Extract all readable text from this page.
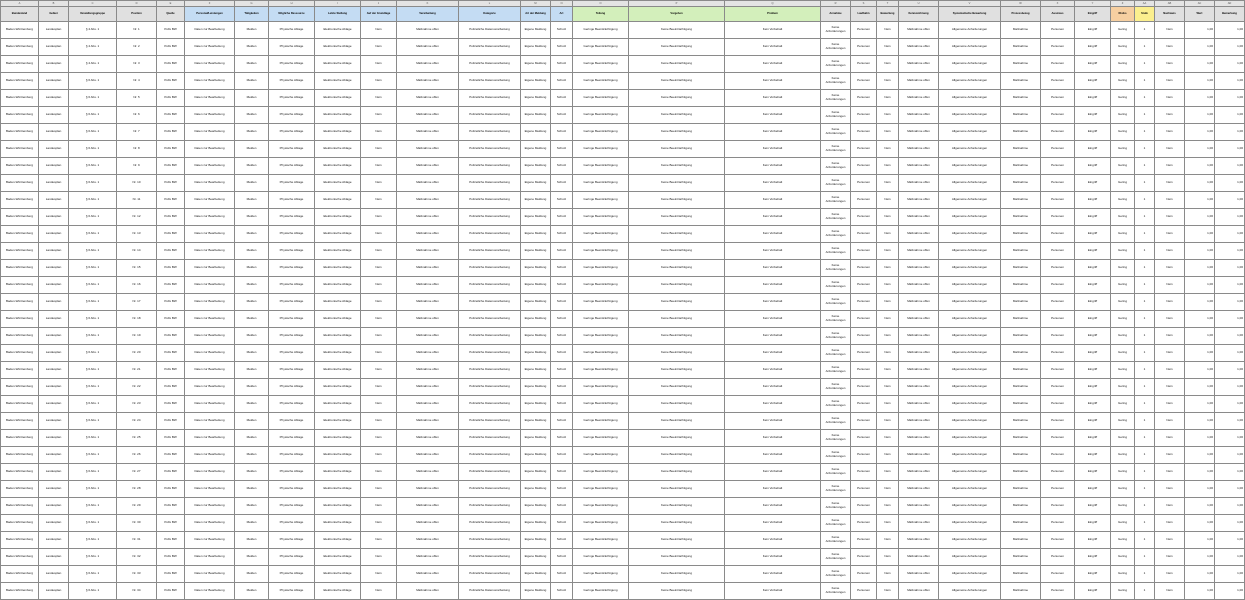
A	B	C	D	E	F	G	H	I	J	K	L	M	N	O	P	Q	R	S	T	U	V	W	X	Y	Z	AA	AB	AC	AD
Bundesland	Gebiet	Verwaltungsgruppe	Position	Quelle	Personal/Leistungen	Tätigkeiten	Mögliche Ressource	Letzte Stellung	Auf der Grundlage	Verarbeitung	Kategorie	Art der Meldung	Art	Teilung	Vorgehen	Problem	Annahme	Laufbahn	Bewertung	Kennzeichnung	Systematische Bewertung	Prozessbezug	Ausmass	Eingriff	Risiko	Stufe	Nachweis	Wert	Bemerkung
Baden-Württemberg	Landesplan	§ 4 Abs. 1	Nr. 1	PolG BW	Daten zur Bearbeitung	Melden	Physische Ablage	Elektronische Ablage	Nein	Maßnahme offen	Polizeiliche Datenverarbeitung	Eigene Meldung	Schutz	Geringe Beeinträchtigung	Keine Beeinträchtigung	Kein Vorbehalt	Keine Anforderungen	Personen	Nein	Maßnahme offen	Allgemeine Anforderungen	Maßnahme	Personen	Eingriff	Gering	1	Nein	1,00	1,00
Baden-Württemberg	Landesplan	§ 4 Abs. 1	Nr. 2	PolG BW	Daten zur Bearbeitung	Melden	Physische Ablage	Elektronische Ablage	Nein	Maßnahme offen	Polizeiliche Datenverarbeitung	Eigene Meldung	Schutz	Geringe Beeinträchtigung	Keine Beeinträchtigung	Kein Vorbehalt	Keine Anforderungen	Personen	Nein	Maßnahme offen	Allgemeine Anforderungen	Maßnahme	Personen	Eingriff	Gering	1	Nein	1,00	1,00
Baden-Württemberg	Landesplan	§ 4 Abs. 1	Nr. 3	PolG BW	Daten zur Bearbeitung	Melden	Physische Ablage	Elektronische Ablage	Nein	Maßnahme offen	Polizeiliche Datenverarbeitung	Eigene Meldung	Schutz	Geringe Beeinträchtigung	Keine Beeinträchtigung	Kein Vorbehalt	Keine Anforderungen	Personen	Nein	Maßnahme offen	Allgemeine Anforderungen	Maßnahme	Personen	Eingriff	Gering	1	Nein	1,00	1,00
Baden-Württemberg	Landesplan	§ 6 Abs. 1	Nr. 4	PolG BW	Daten zur Bearbeitung	Melden	Physische Ablage	Elektronische Ablage	Nein	Maßnahme offen	Polizeiliche Datenverarbeitung	Eigene Meldung	Schutz	Geringe Beeinträchtigung	Keine Beeinträchtigung	Kein Vorbehalt	Keine Anforderungen	Personen	Nein	Maßnahme offen	Allgemeine Anforderungen	Maßnahme	Personen	Eingriff	Gering	1	Nein	1,00	1,00
Baden-Württemberg	Landesplan	§ 6 Abs. 1	Nr. 5	PolG BW	Daten zur Bearbeitung	Melden	Physische Ablage	Elektronische Ablage	Nein	Maßnahme offen	Polizeiliche Datenverarbeitung	Eigene Meldung	Schutz	Geringe Beeinträchtigung	Keine Beeinträchtigung	Kein Vorbehalt	Keine Anforderungen	Personen	Nein	Maßnahme offen	Allgemeine Anforderungen	Maßnahme	Personen	Eingriff	Gering	1	Nein	1,00	1,00
Baden-Württemberg	Landesplan	§ 6 Abs. 1	Nr. 6	PolG BW	Daten zur Bearbeitung	Melden	Physische Ablage	Elektronische Ablage	Nein	Maßnahme offen	Polizeiliche Datenverarbeitung	Eigene Meldung	Schutz	Geringe Beeinträchtigung	Keine Beeinträchtigung	Kein Vorbehalt	Keine Anforderungen	Personen	Nein	Maßnahme offen	Allgemeine Anforderungen	Maßnahme	Personen	Eingriff	Gering	1	Nein	1,00	1,00
Baden-Württemberg	Landesplan	§ 6 Abs. 1	Nr. 7	PolG BW	Daten zur Bearbeitung	Melden	Physische Ablage	Elektronische Ablage	Nein	Maßnahme offen	Polizeiliche Datenverarbeitung	Eigene Meldung	Schutz	Geringe Beeinträchtigung	Keine Beeinträchtigung	Kein Vorbehalt	Keine Anforderungen	Personen	Nein	Maßnahme offen	Allgemeine Anforderungen	Maßnahme	Personen	Eingriff	Gering	1	Nein	1,00	1,00
Baden-Württemberg	Landesplan	§ 6 Abs. 1	Nr. 8	PolG BW	Daten zur Bearbeitung	Melden	Physische Ablage	Elektronische Ablage	Nein	Maßnahme offen	Polizeiliche Datenverarbeitung	Eigene Meldung	Schutz	Geringe Beeinträchtigung	Keine Beeinträchtigung	Kein Vorbehalt	Keine Anforderungen	Personen	Nein	Maßnahme offen	Allgemeine Anforderungen	Maßnahme	Personen	Eingriff	Gering	1	Nein	1,00	1,00
Baden-Württemberg	Landesplan	§ 6 Abs. 1	Nr. 9	PolG BW	Daten zur Bearbeitung	Melden	Physische Ablage	Elektronische Ablage	Nein	Maßnahme offen	Polizeiliche Datenverarbeitung	Eigene Meldung	Schutz	Geringe Beeinträchtigung	Keine Beeinträchtigung	Kein Vorbehalt	Keine Anforderungen	Personen	Nein	Maßnahme offen	Allgemeine Anforderungen	Maßnahme	Personen	Eingriff	Gering	1	Nein	1,00	1,00
Baden-Württemberg	Landesplan	§ 6 Abs. 1	Nr. 10	PolG BW	Daten zur Bearbeitung	Melden	Physische Ablage	Elektronische Ablage	Nein	Maßnahme offen	Polizeiliche Datenverarbeitung	Eigene Meldung	Schutz	Geringe Beeinträchtigung	Keine Beeinträchtigung	Kein Vorbehalt	Keine Anforderungen	Personen	Nein	Maßnahme offen	Allgemeine Anforderungen	Maßnahme	Personen	Eingriff	Gering	1	Nein	1,00	1,00
Baden-Württemberg	Landesplan	§ 6 Abs. 1	Nr. 11	PolG BW	Daten zur Bearbeitung	Melden	Physische Ablage	Elektronische Ablage	Nein	Maßnahme offen	Polizeiliche Datenverarbeitung	Eigene Meldung	Schutz	Geringe Beeinträchtigung	Keine Beeinträchtigung	Kein Vorbehalt	Keine Anforderungen	Personen	Nein	Maßnahme offen	Allgemeine Anforderungen	Maßnahme	Personen	Eingriff	Gering	1	Nein	1,00	1,00
Baden-Württemberg	Landesplan	§ 6 Abs. 1	Nr. 12	PolG BW	Daten zur Bearbeitung	Melden	Physische Ablage	Elektronische Ablage	Nein	Maßnahme offen	Polizeiliche Datenverarbeitung	Eigene Meldung	Schutz	Geringe Beeinträchtigung	Keine Beeinträchtigung	Kein Vorbehalt	Keine Anforderungen	Personen	Nein	Maßnahme offen	Allgemeine Anforderungen	Maßnahme	Personen	Eingriff	Gering	1	Nein	1,00	1,00
Baden-Württemberg	Landesplan	§ 6 Abs. 1	Nr. 13	PolG BW	Daten zur Bearbeitung	Melden	Physische Ablage	Elektronische Ablage	Nein	Maßnahme offen	Polizeiliche Datenverarbeitung	Eigene Meldung	Schutz	Geringe Beeinträchtigung	Keine Beeinträchtigung	Kein Vorbehalt	Keine Anforderungen	Personen	Nein	Maßnahme offen	Allgemeine Anforderungen	Maßnahme	Personen	Eingriff	Gering	1	Nein	1,00	1,00
Baden-Württemberg	Landesplan	§ 6 Abs. 1	Nr. 14	PolG BW	Daten zur Bearbeitung	Melden	Physische Ablage	Elektronische Ablage	Nein	Maßnahme offen	Polizeiliche Datenverarbeitung	Eigene Meldung	Schutz	Geringe Beeinträchtigung	Keine Beeinträchtigung	Kein Vorbehalt	Keine Anforderungen	Personen	Nein	Maßnahme offen	Allgemeine Anforderungen	Maßnahme	Personen	Eingriff	Gering	1	Nein	1,00	1,00
Baden-Württemberg	Landesplan	§ 6 Abs. 1	Nr. 15	PolG BW	Daten zur Bearbeitung	Melden	Physische Ablage	Elektronische Ablage	Nein	Maßnahme offen	Polizeiliche Datenverarbeitung	Eigene Meldung	Schutz	Geringe Beeinträchtigung	Keine Beeinträchtigung	Kein Vorbehalt	Keine Anforderungen	Personen	Nein	Maßnahme offen	Allgemeine Anforderungen	Maßnahme	Personen	Eingriff	Gering	1	Nein	1,00	1,00
Baden-Württemberg	Landesplan	§ 6 Abs. 1	Nr. 16	PolG BW	Daten zur Bearbeitung	Melden	Physische Ablage	Elektronische Ablage	Nein	Maßnahme offen	Polizeiliche Datenverarbeitung	Eigene Meldung	Schutz	Geringe Beeinträchtigung	Keine Beeinträchtigung	Kein Vorbehalt	Keine Anforderungen	Personen	Nein	Maßnahme offen	Allgemeine Anforderungen	Maßnahme	Personen	Eingriff	Gering	1	Nein	1,00	1,00
Baden-Württemberg	Landesplan	§ 6 Abs. 1	Nr. 17	PolG BW	Daten zur Bearbeitung	Melden	Physische Ablage	Elektronische Ablage	Nein	Maßnahme offen	Polizeiliche Datenverarbeitung	Eigene Meldung	Schutz	Geringe Beeinträchtigung	Keine Beeinträchtigung	Kein Vorbehalt	Keine Anforderungen	Personen	Nein	Maßnahme offen	Allgemeine Anforderungen	Maßnahme	Personen	Eingriff	Gering	1	Nein	1,00	1,00
Baden-Württemberg	Landesplan	§ 6 Abs. 1	Nr. 18	PolG BW	Daten zur Bearbeitung	Melden	Physische Ablage	Elektronische Ablage	Nein	Maßnahme offen	Polizeiliche Datenverarbeitung	Eigene Meldung	Schutz	Geringe Beeinträchtigung	Keine Beeinträchtigung	Kein Vorbehalt	Keine Anforderungen	Personen	Nein	Maßnahme offen	Allgemeine Anforderungen	Maßnahme	Personen	Eingriff	Gering	1	Nein	1,00	1,00
Baden-Württemberg	Landesplan	§ 6 Abs. 1	Nr. 19	PolG BW	Daten zur Bearbeitung	Melden	Physische Ablage	Elektronische Ablage	Nein	Maßnahme offen	Polizeiliche Datenverarbeitung	Eigene Meldung	Schutz	Geringe Beeinträchtigung	Keine Beeinträchtigung	Kein Vorbehalt	Keine Anforderungen	Personen	Nein	Maßnahme offen	Allgemeine Anforderungen	Maßnahme	Personen	Eingriff	Gering	1	Nein	1,00	1,00
Baden-Württemberg	Landesplan	§ 6 Abs. 1	Nr. 20	PolG BW	Daten zur Bearbeitung	Melden	Physische Ablage	Elektronische Ablage	Nein	Maßnahme offen	Polizeiliche Datenverarbeitung	Eigene Meldung	Schutz	Geringe Beeinträchtigung	Keine Beeinträchtigung	Kein Vorbehalt	Keine Anforderungen	Personen	Nein	Maßnahme offen	Allgemeine Anforderungen	Maßnahme	Personen	Eingriff	Gering	1	Nein	1,00	1,00
Baden-Württemberg	Landesplan	§ 6 Abs. 1	Nr. 21	PolG BW	Daten zur Bearbeitung	Melden	Physische Ablage	Elektronische Ablage	Nein	Maßnahme offen	Polizeiliche Datenverarbeitung	Eigene Meldung	Schutz	Geringe Beeinträchtigung	Keine Beeinträchtigung	Kein Vorbehalt	Keine Anforderungen	Personen	Nein	Maßnahme offen	Allgemeine Anforderungen	Maßnahme	Personen	Eingriff	Gering	1	Nein	1,00	1,00
Baden-Württemberg	Landesplan	§ 6 Abs. 1	Nr. 22	PolG BW	Daten zur Bearbeitung	Melden	Physische Ablage	Elektronische Ablage	Nein	Maßnahme offen	Polizeiliche Datenverarbeitung	Eigene Meldung	Schutz	Geringe Beeinträchtigung	Keine Beeinträchtigung	Kein Vorbehalt	Keine Anforderungen	Personen	Nein	Maßnahme offen	Allgemeine Anforderungen	Maßnahme	Personen	Eingriff	Gering	1	Nein	1,00	1,00
Baden-Württemberg	Landesplan	§ 6 Abs. 1	Nr. 23	PolG BW	Daten zur Bearbeitung	Melden	Physische Ablage	Elektronische Ablage	Nein	Maßnahme offen	Polizeiliche Datenverarbeitung	Eigene Meldung	Schutz	Geringe Beeinträchtigung	Keine Beeinträchtigung	Kein Vorbehalt	Keine Anforderungen	Personen	Nein	Maßnahme offen	Allgemeine Anforderungen	Maßnahme	Personen	Eingriff	Gering	1	Nein	1,00	1,00
Baden-Württemberg	Landesplan	§ 6 Abs. 1	Nr. 24	PolG BW	Daten zur Bearbeitung	Melden	Physische Ablage	Elektronische Ablage	Nein	Maßnahme offen	Polizeiliche Datenverarbeitung	Eigene Meldung	Schutz	Geringe Beeinträchtigung	Keine Beeinträchtigung	Kein Vorbehalt	Keine Anforderungen	Personen	Nein	Maßnahme offen	Allgemeine Anforderungen	Maßnahme	Personen	Eingriff	Gering	1	Nein	1,00	1,00
Baden-Württemberg	Landesplan	§ 6 Abs. 1	Nr. 25	PolG BW	Daten zur Bearbeitung	Melden	Physische Ablage	Elektronische Ablage	Nein	Maßnahme offen	Polizeiliche Datenverarbeitung	Eigene Meldung	Schutz	Geringe Beeinträchtigung	Keine Beeinträchtigung	Kein Vorbehalt	Keine Anforderungen	Personen	Nein	Maßnahme offen	Allgemeine Anforderungen	Maßnahme	Personen	Eingriff	Gering	1	Nein	1,00	1,00
Baden-Württemberg	Landesplan	§ 6 Abs. 1	Nr. 26	PolG BW	Daten zur Bearbeitung	Melden	Physische Ablage	Elektronische Ablage	Nein	Maßnahme offen	Polizeiliche Datenverarbeitung	Eigene Meldung	Schutz	Geringe Beeinträchtigung	Keine Beeinträchtigung	Kein Vorbehalt	Keine Anforderungen	Personen	Nein	Maßnahme offen	Allgemeine Anforderungen	Maßnahme	Personen	Eingriff	Gering	1	Nein	1,00	1,00
Baden-Württemberg	Landesplan	§ 6 Abs. 1	Nr. 27	PolG BW	Daten zur Bearbeitung	Melden	Physische Ablage	Elektronische Ablage	Nein	Maßnahme offen	Polizeiliche Datenverarbeitung	Eigene Meldung	Schutz	Geringe Beeinträchtigung	Keine Beeinträchtigung	Kein Vorbehalt	Keine Anforderungen	Personen	Nein	Maßnahme offen	Allgemeine Anforderungen	Maßnahme	Personen	Eingriff	Gering	1	Nein	1,00	1,00
Baden-Württemberg	Landesplan	§ 6 Abs. 1	Nr. 28	PolG BW	Daten zur Bearbeitung	Melden	Physische Ablage	Elektronische Ablage	Nein	Maßnahme offen	Polizeiliche Datenverarbeitung	Eigene Meldung	Schutz	Geringe Beeinträchtigung	Keine Beeinträchtigung	Kein Vorbehalt	Keine Anforderungen	Personen	Nein	Maßnahme offen	Allgemeine Anforderungen	Maßnahme	Personen	Eingriff	Gering	1	Nein	1,00	1,00
Baden-Württemberg	Landesplan	§ 6 Abs. 1	Nr. 29	PolG BW	Daten zur Bearbeitung	Melden	Physische Ablage	Elektronische Ablage	Nein	Maßnahme offen	Polizeiliche Datenverarbeitung	Eigene Meldung	Schutz	Geringe Beeinträchtigung	Keine Beeinträchtigung	Kein Vorbehalt	Keine Anforderungen	Personen	Nein	Maßnahme offen	Allgemeine Anforderungen	Maßnahme	Personen	Eingriff	Gering	1	Nein	1,00	1,00
Baden-Württemberg	Landesplan	§ 6 Abs. 1	Nr. 30	PolG BW	Daten zur Bearbeitung	Melden	Physische Ablage	Elektronische Ablage	Nein	Maßnahme offen	Polizeiliche Datenverarbeitung	Eigene Meldung	Schutz	Geringe Beeinträchtigung	Keine Beeinträchtigung	Kein Vorbehalt	Keine Anforderungen	Personen	Nein	Maßnahme offen	Allgemeine Anforderungen	Maßnahme	Personen	Eingriff	Gering	1	Nein	1,00	1,00
Baden-Württemberg	Landesplan	§ 6 Abs. 1	Nr. 31	PolG BW	Daten zur Bearbeitung	Melden	Physische Ablage	Elektronische Ablage	Nein	Maßnahme offen	Polizeiliche Datenverarbeitung	Eigene Meldung	Schutz	Geringe Beeinträchtigung	Keine Beeinträchtigung	Kein Vorbehalt	Keine Anforderungen	Personen	Nein	Maßnahme offen	Allgemeine Anforderungen	Maßnahme	Personen	Eingriff	Gering	1	Nein	1,00	1,00
Baden-Württemberg	Landesplan	§ 6 Abs. 1	Nr. 32	PolG BW	Daten zur Bearbeitung	Melden	Physische Ablage	Elektronische Ablage	Nein	Maßnahme offen	Polizeiliche Datenverarbeitung	Eigene Meldung	Schutz	Geringe Beeinträchtigung	Keine Beeinträchtigung	Kein Vorbehalt	Keine Anforderungen	Personen	Nein	Maßnahme offen	Allgemeine Anforderungen	Maßnahme	Personen	Eingriff	Gering	1	Nein	1,00	1,00
Baden-Württemberg	Landesplan	§ 6 Abs. 1	Nr. 33	PolG BW	Daten zur Bearbeitung	Melden	Physische Ablage	Elektronische Ablage	Nein	Maßnahme offen	Polizeiliche Datenverarbeitung	Eigene Meldung	Schutz	Geringe Beeinträchtigung	Keine Beeinträchtigung	Kein Vorbehalt	Keine Anforderungen	Personen	Nein	Maßnahme offen	Allgemeine Anforderungen	Maßnahme	Personen	Eingriff	Gering	1	Nein	1,00	1,00
Baden-Württemberg	Landesplan	§ 6 Abs. 1	Nr. 34	PolG BW	Daten zur Bearbeitung	Melden	Physische Ablage	Elektronische Ablage	Nein	Maßnahme offen	Polizeiliche Datenverarbeitung	Eigene Meldung	Schutz	Geringe Beeinträchtigung	Keine Beeinträchtigung	Kein Vorbehalt	Keine Anforderungen	Personen	Nein	Maßnahme offen	Allgemeine Anforderungen	Maßnahme	Personen	Eingriff	Gering	1	Nein	1,00	1,00
